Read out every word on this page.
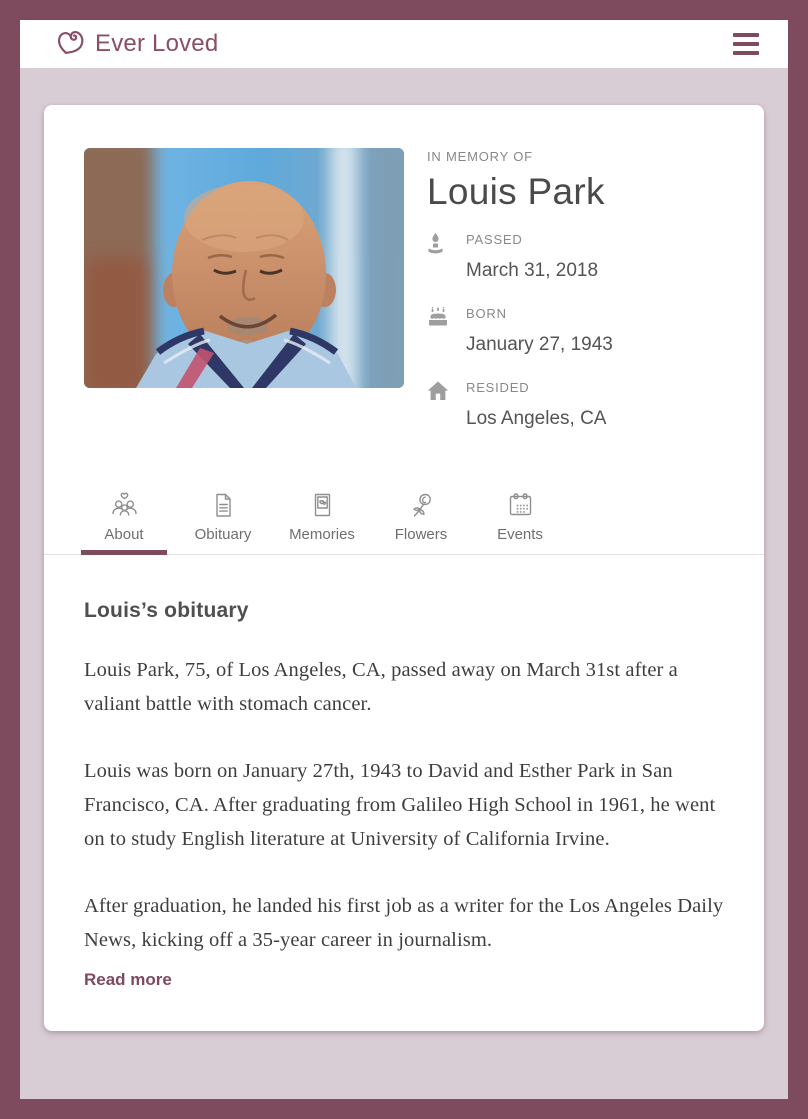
Ever Loved
IN MEMORY OF
Louis Park
PASSED
March 31, 2018
BORN
January 27, 1943
RESIDED
Los Angeles, CA
About	Obituary	Memories	Flowers	Events
Louis’s obituary

Louis Park, 75, of Los Angeles, CA, passed away on March 31st after a valiant battle with stomach cancer.

Louis was born on January 27th, 1943 to David and Esther Park in San Francisco, CA. After graduating from Galileo High School in 1961, he went on to study English literature at University of California Irvine.

After graduation, he landed his first job as a writer for the Los Angeles Daily News, kicking off a 35-year career in journalism.

Read more
